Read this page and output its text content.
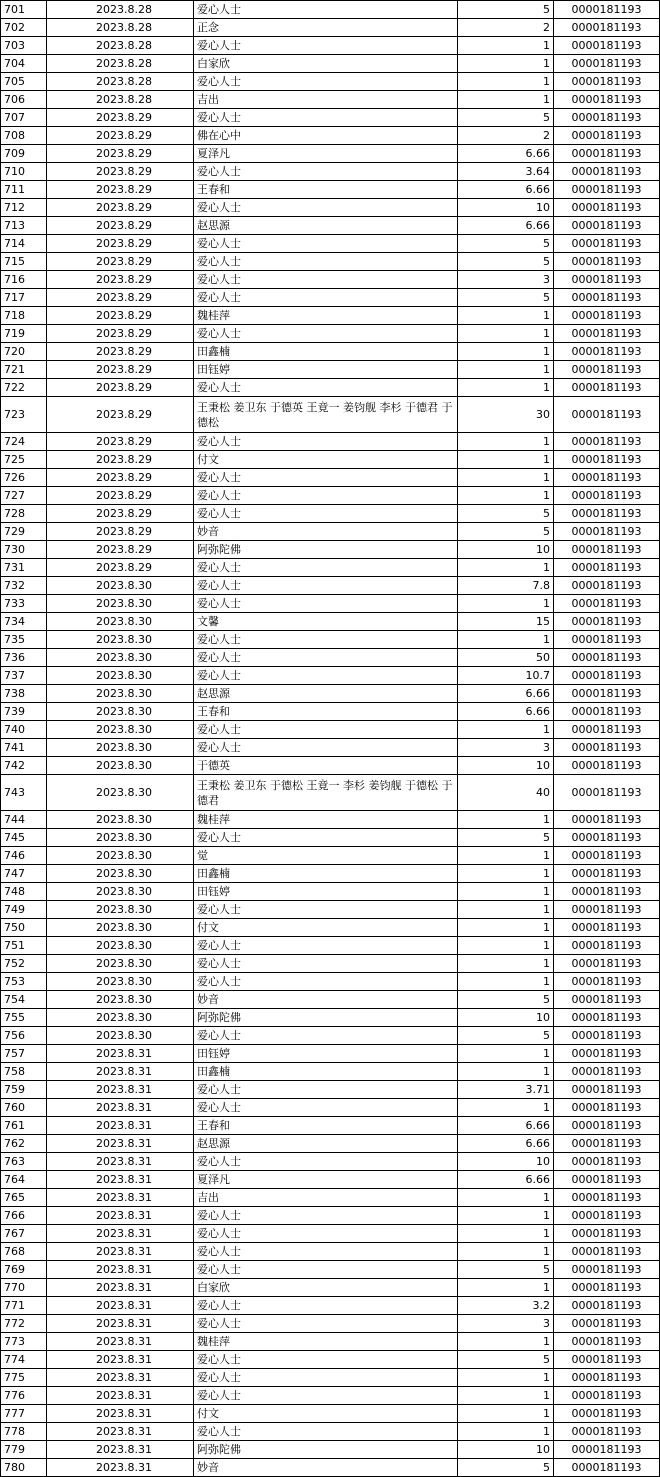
701	2023.8.28	爱心人士	5	0000181193
702	2023.8.28	正念	2	0000181193
703	2023.8.28	爱心人士	1	0000181193
704	2023.8.28	白家欣	1	0000181193
705	2023.8.28	爱心人士	1	0000181193
706	2023.8.28	吉出	1	0000181193
707	2023.8.29	爱心人士	5	0000181193
708	2023.8.29	佛在心中	2	0000181193
709	2023.8.29	夏泽凡	6.66	0000181193
710	2023.8.29	爱心人士	3.64	0000181193
711	2023.8.29	王春和	6.66	0000181193
712	2023.8.29	爱心人士	10	0000181193
713	2023.8.29	赵思源	6.66	0000181193
714	2023.8.29	爱心人士	5	0000181193
715	2023.8.29	爱心人士	5	0000181193
716	2023.8.29	爱心人士	3	0000181193
717	2023.8.29	爱心人士	5	0000181193
718	2023.8.29	魏桂萍	1	0000181193
719	2023.8.29	爱心人士	1	0000181193
720	2023.8.29	田鑫楠	1	0000181193
721	2023.8.29	田钰婷	1	0000181193
722	2023.8.29	爱心人士	1	0000181193
723	2023.8.29	王秉松 姜卫东 于德英 王竟一 姜钧舰 李杉 于德君 于德松	30	0000181193
724	2023.8.29	爱心人士	1	0000181193
725	2023.8.29	付文	1	0000181193
726	2023.8.29	爱心人士	1	0000181193
727	2023.8.29	爱心人士	1	0000181193
728	2023.8.29	爱心人士	5	0000181193
729	2023.8.29	妙音	5	0000181193
730	2023.8.29	阿弥陀佛	10	0000181193
731	2023.8.29	爱心人士	1	0000181193
732	2023.8.30	爱心人士	7.8	0000181193
733	2023.8.30	爱心人士	1	0000181193
734	2023.8.30	文馨	15	0000181193
735	2023.8.30	爱心人士	1	0000181193
736	2023.8.30	爱心人士	50	0000181193
737	2023.8.30	爱心人士	10.7	0000181193
738	2023.8.30	赵思源	6.66	0000181193
739	2023.8.30	王春和	6.66	0000181193
740	2023.8.30	爱心人士	1	0000181193
741	2023.8.30	爱心人士	3	0000181193
742	2023.8.30	于德英	10	0000181193
743	2023.8.30	王秉松 姜卫东 于德松 王竟一 李杉 姜钧舰 于德松 于德君	40	0000181193
744	2023.8.30	魏桂萍	1	0000181193
745	2023.8.30	爱心人士	5	0000181193
746	2023.8.30	觉	1	0000181193
747	2023.8.30	田鑫楠	1	0000181193
748	2023.8.30	田钰婷	1	0000181193
749	2023.8.30	爱心人士	1	0000181193
750	2023.8.30	付文	1	0000181193
751	2023.8.30	爱心人士	1	0000181193
752	2023.8.30	爱心人士	1	0000181193
753	2023.8.30	爱心人士	1	0000181193
754	2023.8.30	妙音	5	0000181193
755	2023.8.30	阿弥陀佛	10	0000181193
756	2023.8.30	爱心人士	5	0000181193
757	2023.8.31	田钰婷	1	0000181193
758	2023.8.31	田鑫楠	1	0000181193
759	2023.8.31	爱心人士	3.71	0000181193
760	2023.8.31	爱心人士	1	0000181193
761	2023.8.31	王春和	6.66	0000181193
762	2023.8.31	赵思源	6.66	0000181193
763	2023.8.31	爱心人士	10	0000181193
764	2023.8.31	夏泽凡	6.66	0000181193
765	2023.8.31	吉出	1	0000181193
766	2023.8.31	爱心人士	1	0000181193
767	2023.8.31	爱心人士	1	0000181193
768	2023.8.31	爱心人士	1	0000181193
769	2023.8.31	爱心人士	5	0000181193
770	2023.8.31	白家欣	1	0000181193
771	2023.8.31	爱心人士	3.2	0000181193
772	2023.8.31	爱心人士	3	0000181193
773	2023.8.31	魏桂萍	1	0000181193
774	2023.8.31	爱心人士	5	0000181193
775	2023.8.31	爱心人士	1	0000181193
776	2023.8.31	爱心人士	1	0000181193
777	2023.8.31	付文	1	0000181193
778	2023.8.31	爱心人士	1	0000181193
779	2023.8.31	阿弥陀佛	10	0000181193
780	2023.8.31	妙音	5	0000181193
